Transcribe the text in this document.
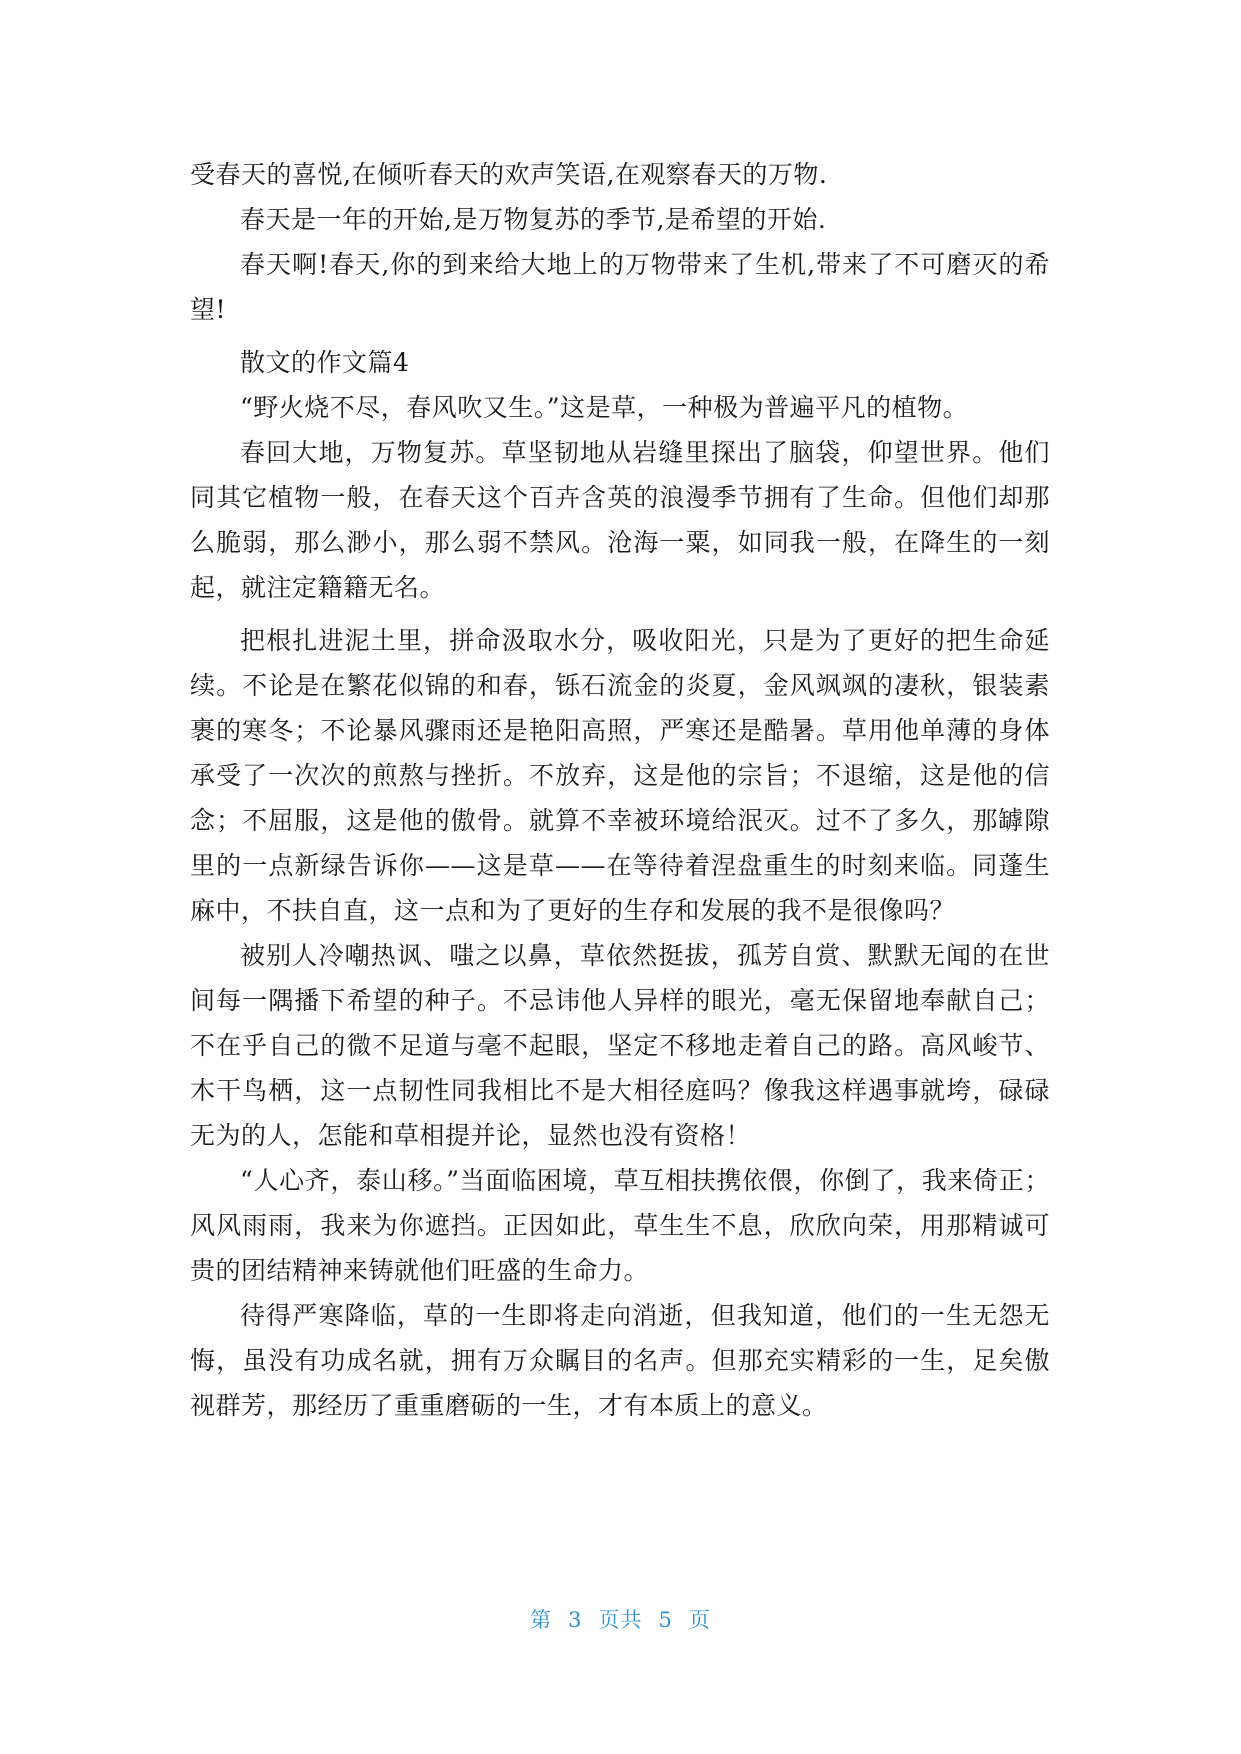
受春天的喜悦,在倾听春天的欢声笑语,在观察春天的万物.

春天是一年的开始,是万物复苏的季节,是希望的开始.

春天啊!春天,你的到来给大地上的万物带来了生机,带来了不可磨灭的希望!

散文的作文篇4

“野火烧不尽，春风吹又生。”这是草，一种极为普遍平凡的植物。

春回大地，万物复苏。草坚韧地从岩缝里探出了脑袋，仰望世界。他们同其它植物一般，在春天这个百卉含英的浪漫季节拥有了生命。但他们却那么脆弱，那么渺小，那么弱不禁风。沧海一粟，如同我一般，在降生的一刻起，就注定籍籍无名。

把根扎进泥土里，拼命汲取水分，吸收阳光，只是为了更好的把生命延续。不论是在繁花似锦的和春，铄石流金的炎夏，金风飒飒的凄秋，银装素裹的寒冬；不论暴风骤雨还是艳阳高照，严寒还是酷暑。草用他单薄的身体承受了一次次的煎熬与挫折。不放弃，这是他的宗旨；不退缩，这是他的信念；不屈服，这是他的傲骨。就算不幸被环境给泯灭。过不了多久，那罅隙里的一点新绿告诉你——这是草——在等待着涅盘重生的时刻来临。同蓬生麻中，不扶自直，这一点和为了更好的生存和发展的我不是很像吗？

被别人冷嘲热讽、嗤之以鼻，草依然挺拔，孤芳自赏、默默无闻的在世间每一隅播下希望的种子。不忌讳他人异样的眼光，毫无保留地奉献自己；不在乎自己的微不足道与毫不起眼，坚定不移地走着自己的路。高风峻节、木干鸟栖，这一点韧性同我相比不是大相径庭吗？像我这样遇事就垮，碌碌无为的人，怎能和草相提并论，显然也没有资格！

“人心齐，泰山移。”当面临困境，草互相扶携依偎，你倒了，我来倚正；风风雨雨，我来为你遮挡。正因如此，草生生不息，欣欣向荣，用那精诚可贵的团结精神来铸就他们旺盛的生命力。

待得严寒降临，草的一生即将走向消逝，但我知道，他们的一生无怨无悔，虽没有功成名就，拥有万众瞩目的名声。但那充实精彩的一生，足矣傲视群芳，那经历了重重磨砺的一生，才有本质上的意义。

第 3 页共 5 页
